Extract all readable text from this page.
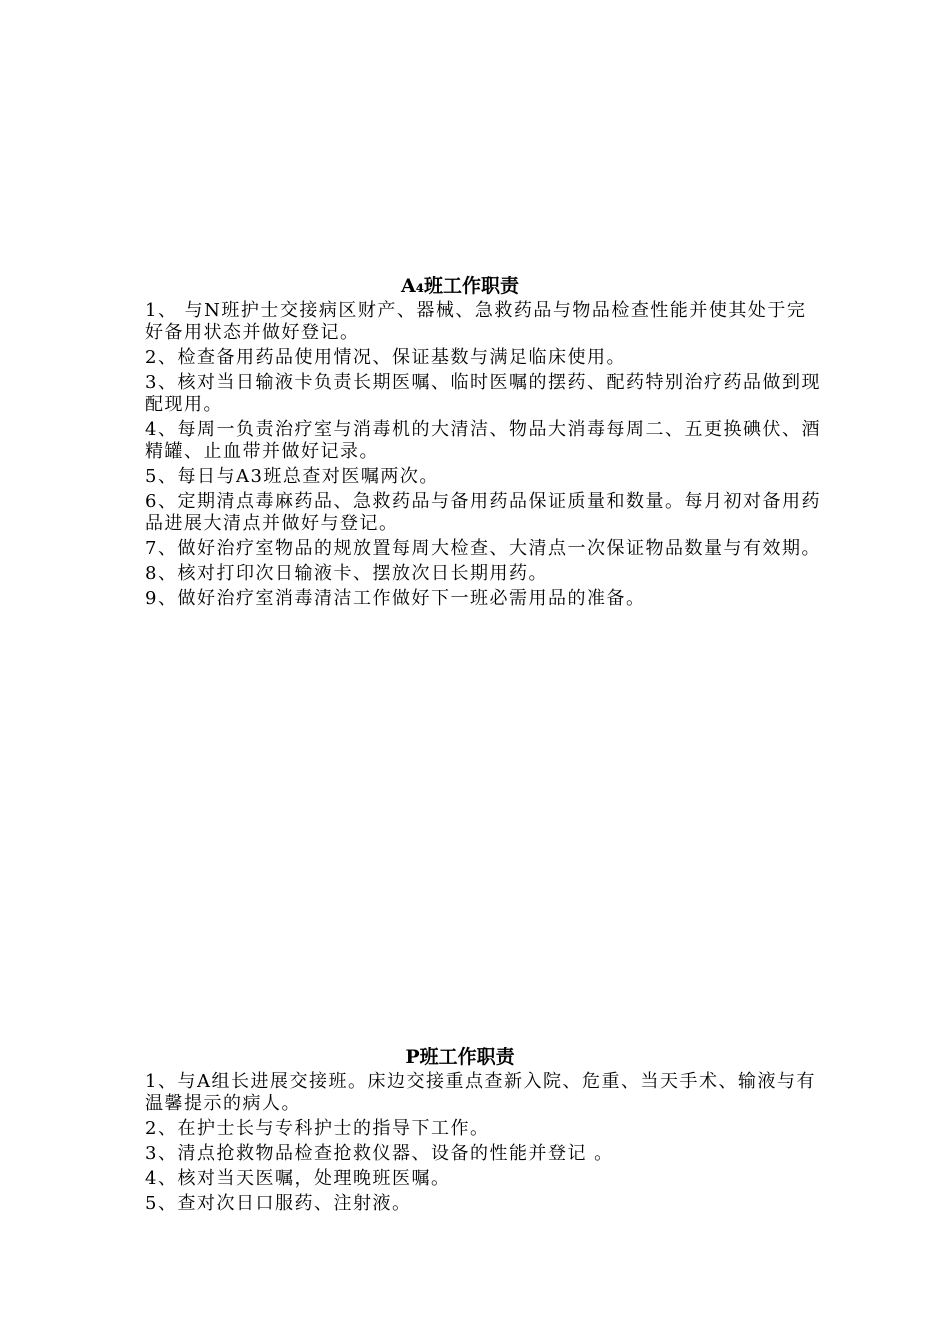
A₄班工作职责
1、 与N班护士交接病区财产、器械、急救药品与物品检查性能并使其处于完好备用状态并做好登记。
2、检查备用药品使用情况、保证基数与满足临床使用。
3、核对当日输液卡负责长期医嘱、临时医嘱的摆药、配药特别治疗药品做到现配现用。
4、每周一负责治疗室与消毒机的大清洁、物品大消毒每周二、五更换碘伏、酒精罐、止血带并做好记录。
5、每日与A3班总查对医嘱两次。
6、定期清点毒麻药品、急救药品与备用药品保证质量和数量。每月初对备用药品进展大清点并做好与登记。
7、做好治疗室物品的规放置每周大检查、大清点一次保证物品数量与有效期。
8、核对打印次日输液卡、摆放次日长期用药。
9、做好治疗室消毒清洁工作做好下一班必需用品的准备。
P班工作职责
1、与A组长进展交接班。床边交接重点查新入院、危重、当天手术、输液与有温馨提示的病人。
2、在护士长与专科护士的指导下工作。
3、清点抢救物品检查抢救仪器、设备的性能并登记 。
4、核对当天医嘱，处理晚班医嘱。
5、查对次日口服药、注射液。
